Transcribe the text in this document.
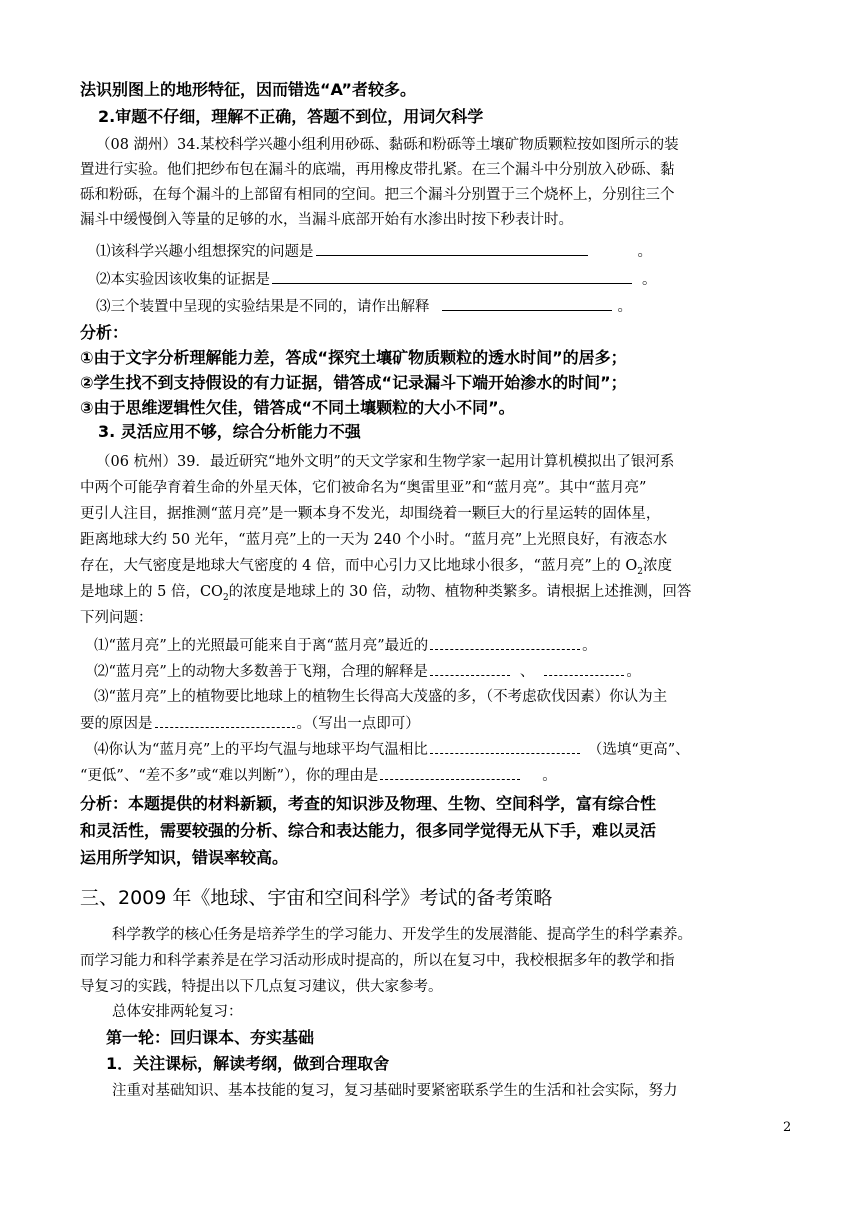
法识别图上的地形特征，因而错选“A”者较多。
2.审题不仔细，理解不正确，答题不到位，用词欠科学
（08 湖州）34.某校科学兴趣小组利用砂砾、黏砾和粉砾等土壤矿物质颗粒按如图所示的装
置进行实验。他们把纱布包在漏斗的底端，再用橡皮带扎紧。在三个漏斗中分别放入砂砾、黏
砾和粉砾，在每个漏斗的上部留有相同的空间。把三个漏斗分别置于三个烧杯上，分别往三个
漏斗中缓慢倒入等量的足够的水，当漏斗底部开始有水渗出时按下秒表计时。
⑴该科学兴趣小组想探究的问题是	。
⑵本实验因该收集的证据是	。
⑶三个装置中呈现的实验结果是不同的，请作出解释	。
分析：
①由于文字分析理解能力差，答成“探究土壤矿物质颗粒的透水时间”的居多；
②学生找不到支持假设的有力证据，错答成“记录漏斗下端开始渗水的时间”；
③由于思维逻辑性欠佳，错答成“不同土壤颗粒的大小不同”。
3. 灵活应用不够，综合分析能力不强
（06 杭州）39．最近研究“地外文明”的天文学家和生物学家一起用计算机模拟出了银河系
中两个可能孕育着生命的外星天体，它们被命名为“奥雷里亚”和“蓝月亮”。其中“蓝月亮”
更引人注目，据推测“蓝月亮”是一颗本身不发光，却围绕着一颗巨大的行星运转的固体星，
距离地球大约 50 光年，“蓝月亮”上的一天为 240 个小时。“蓝月亮”上光照良好，有液态水
存在，大气密度是地球大气密度的 4 倍，而中心引力又比地球小很多，“蓝月亮”上的 $O_2$浓度
是地球上的 5 倍，$CO_2$的浓度是地球上的 30 倍，动物、植物种类繁多。请根据上述推测，回答
下列问题：
⑴“蓝月亮”上的光照最可能来自于离“蓝月亮”最近的	。
⑵“蓝月亮”上的动物大多数善于飞翔，合理的解释是	、	。
⑶“蓝月亮”上的植物要比地球上的植物生长得高大茂盛的多，（不考虑砍伐因素）你认为主
要的原因是	。（写出一点即可）
⑷你认为“蓝月亮”上的平均气温与地球平均气温相比	（选填“更高”、
“更低”、“差不多”或“难以判断”），你的理由是	。
分析：本题提供的材料新颖，考查的知识涉及物理、生物、空间科学，富有综合性
和灵活性，需要较强的分析、综合和表达能力，很多同学觉得无从下手，难以灵活
运用所学知识，错误率较高。
三、2009 年《地球、宇宙和空间科学》考试的备考策略
科学教学的核心任务是培养学生的学习能力、开发学生的发展潜能、提高学生的科学素养。
而学习能力和科学素养是在学习活动形成时提高的，所以在复习中，我校根据多年的教学和指
导复习的实践，特提出以下几点复习建议，供大家参考。
总体安排两轮复习：
第一轮：回归课本、夯实基础
1．关注课标，解读考纲，做到合理取舍
注重对基础知识、基本技能的复习，复习基础时要紧密联系学生的生活和社会实际，努力
2
